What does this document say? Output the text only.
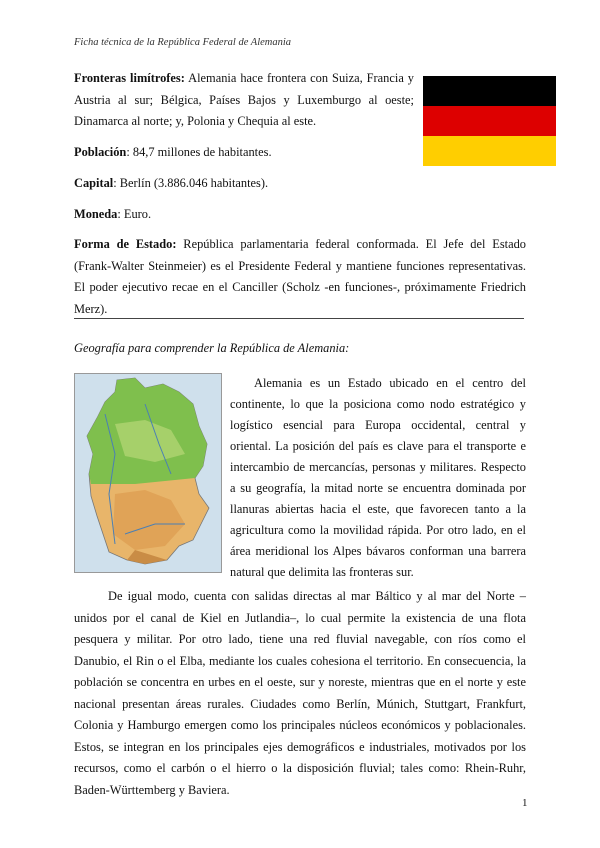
Ficha técnica de la República Federal de Alemania
Fronteras limítrofes: Alemania hace frontera con Suiza, Francia y Austria al sur; Bélgica, Países Bajos y Luxemburgo al oeste; Dinamarca al norte; y, Polonia y Chequia al este.
Población: 84,7 millones de habitantes.
Capital: Berlín (3.886.046 habitantes).
Moneda: Euro.
Forma de Estado: República parlamentaria federal conformada. El Jefe del Estado (Frank-Walter Steinmeier) es el Presidente Federal y mantiene funciones representativas. El poder ejecutivo recae en el Canciller (Scholz -en funciones-, próximamente Friedrich Merz).
Geografía para comprender la República de Alemania:
Alemania es un Estado ubicado en el centro del continente, lo que la posiciona como nodo estratégico y logístico esencial para Europa occidental, central y oriental. La posición del país es clave para el transporte e intercambio de mercancías, personas y militares. Respecto a su geografía, la mitad norte se encuentra dominada por llanuras abiertas hacia el este, que favorecen tanto a la agricultura como la movilidad rápida. Por otro lado, en el área meridional los Alpes bávaros conforman una barrera natural que delimita las fronteras sur.
De igual modo, cuenta con salidas directas al mar Báltico y al mar del Norte – unidos por el canal de Kiel en Jutlandia–, lo cual permite la existencia de una flota pesquera y militar. Por otro lado, tiene una red fluvial navegable, con ríos como el Danubio, el Rin o el Elba, mediante los cuales cohesiona el territorio. En consecuencia, la población se concentra en urbes en el oeste, sur y noreste, mientras que en el norte y este nacional presentan áreas rurales. Ciudades como Berlín, Múnich, Stuttgart, Frankfurt, Colonia y Hamburgo emergen como los principales núcleos económicos y poblacionales. Estos, se integran en los principales ejes demográficos e industriales, motivados por los recursos, como el carbón o el hierro o la disposición fluvial; tales como: Rhein-Ruhr, Baden-Württemberg y Baviera.
1
